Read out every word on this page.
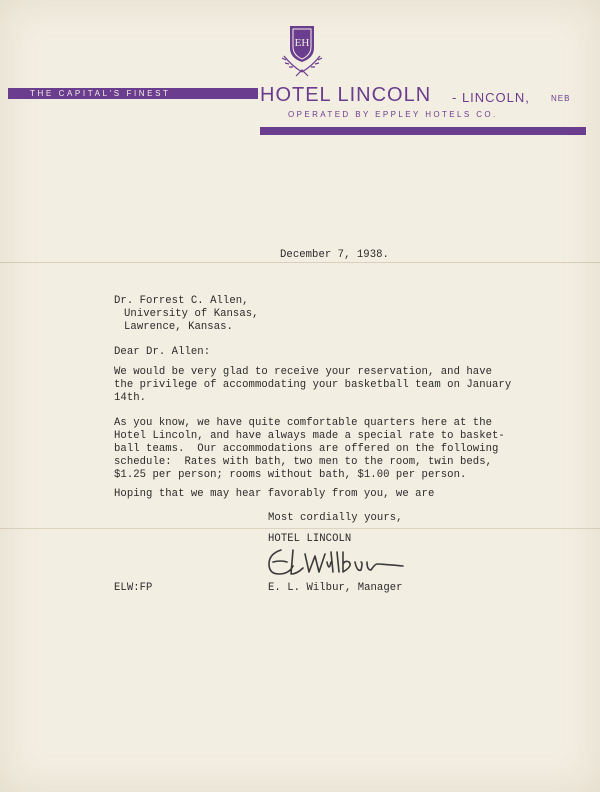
EH
THE CAPITAL'S FINEST	HOTEL LINCOLN - LINCOLN,	NEB
OPERATED BY EPPLEY HOTELS CO.
December 7, 1938.
Dr. Forrest C. Allen,
University of Kansas,
Lawrence, Kansas.
Dear Dr. Allen:
We would be very glad to receive your reservation, and have
the privilege of accommodating your basketball team on January
14th.
As you know, we have quite comfortable quarters here at the
Hotel Lincoln, and have always made a special rate to basket-
ball teams.  Our accommodations are offered on the following
schedule:  Rates with bath, two men to the room, twin beds,
$1.25 per person; rooms without bath, $1.00 per person.
Hoping that we may hear favorably from you, we are
Most cordially yours,
HOTEL LINCOLN
ELW:FP	E. L. Wilbur, Manager
